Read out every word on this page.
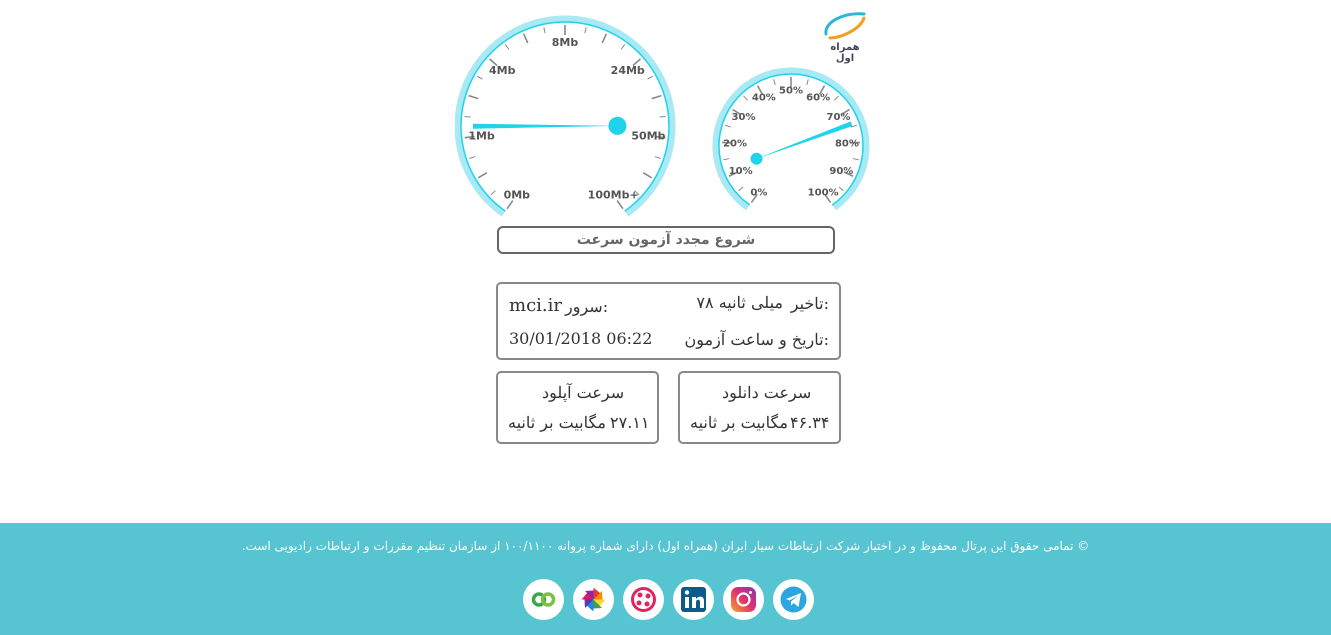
همراه اول
0Mb
1Mb
4Mb
8Mb
24Mb
50Mb
100Mb+	0%
10%
20%
30%
40%
50%
60%
70%
80%
90%
100%
شروع مجدد آزمون سرعت
تاخیر:
۷۸ میلی ثانیه
سرور:
mci.ir
تاریخ و ساعت آزمون:
30/01/2018 06:22
سرعت آپلود
مگابیت بر ثانیه ۲۷.۱۱
سرعت دانلود
مگابیت بر ثانیه ۴۶.۳۴
© تمامی حقوق این پرتال محفوظ و در اختیار شرکت ارتباطات سیار ایران (همراه اول) دارای شماره پروانه ۱۰۰/۱۱۰۰ از سازمان تنظیم مقررات و ارتباطات رادیویی است.
